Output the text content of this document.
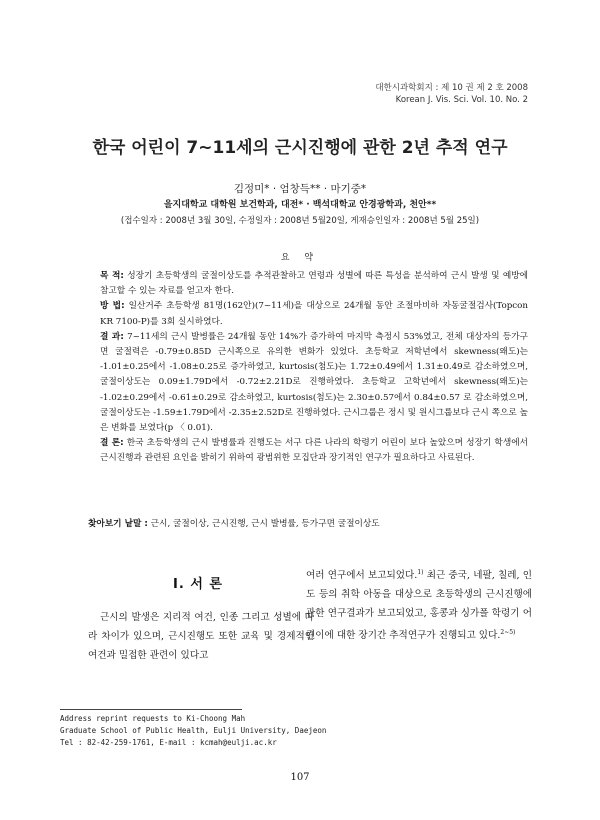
대한시과학회지 : 제 10 권 제 2 호 2008
Korean J. Vis. Sci. Vol. 10. No. 2
한국 어린이 7~11세의 근시진행에 관한 2년 추적 연구
김정미* · 엄창득** · 마기중*
을지대학교 대학원 보건학과, 대전* · 백석대학교 안경광학과, 천안**
(접수일자 : 2008년 3월 30일, 수정일자 : 2008년 5월20일, 게재승인일자 : 2008년 5월 25일)
요 약

목 적: 성장기 초등학생의 굴절이상도를 추적관찰하고 연령과 성별에 따른 특성을 분석하여 근시 발생 및 예방에 참고할 수 있는 자료를 얻고자 한다.

방 법: 일산거주 초등학생 81명(162안)(7~11세)을 대상으로 24개월 동안 조절마비하 자동굴절검사(Topcon KR 7100-P)를 3회 실시하였다.

결 과: 7~11세의 근시 발병률은 24개월 동안 14%가 증가하여 마지막 측정시 53%였고, 전체 대상자의 등가구면 굴절력은 -0.79±0.85D 근시쪽으로 유의한 변화가 있었다. 초등학교 저학년에서 skewness(왜도)는 -1.01±0.25에서 -1.08±0.25로 증가하였고, kurtosis(첨도)는 1.72±0.49에서 1.31±0.49로 감소하였으며, 굴절이상도는 0.09±1.79D에서 -0.72±2.21D로 진행하였다. 초등학교 고학년에서 skewness(왜도)는 -1.02±0.29에서 -0.61±0.29로 감소하였고, kurtosis(첨도)는 2.30±0.57에서 0.84±0.57 로 감소하였으며, 굴절이상도는 -1.59±1.79D에서 -2.35±2.52D로 진행하였다. 근시그룹은 정시 및 원시그룹보다 근시 쪽으로 높은 변화를 보였다(p 〈 0.01).

결 론: 한국 초등학생의 근시 발병률과 진행도는 서구 다른 나라의 학령기 어린이 보다 높았으며 성장기 학생에서 근시진행과 관련된 요인을 밝히기 위하여 광범위한 모집단과 장기적인 연구가 필요하다고 사료된다.

찾아보기 낱말 : 근시, 굴절이상, 근시진행, 근시 발병률, 등가구면 굴절이상도
I. 서 론
근시의 발생은 지리적 여건, 인종 그리고 성별에 따라 차이가 있으며, 근시진행도 또한 교육 및 경제적인 여건과 밀접한 관련이 있다고
여러 연구에서 보고되었다.$^{1)}$ 최근 중국, 네팔, 칠레, 인도 등의 취학 아동을 대상으로 초등학생의 근시진행에 관한 연구결과가 보고되었고, 홍콩과 싱가폴 학령기 어린이에 대한 장기간 추적연구가 진행되고 있다.$^{2\sim 5)}$
Address reprint requests to Ki-Choong Mah
Graduate School of Public Health, Eulji University, Daejeon
Tel : 82-42-259-1761, E-mail : kcmah@eulji.ac.kr
107
